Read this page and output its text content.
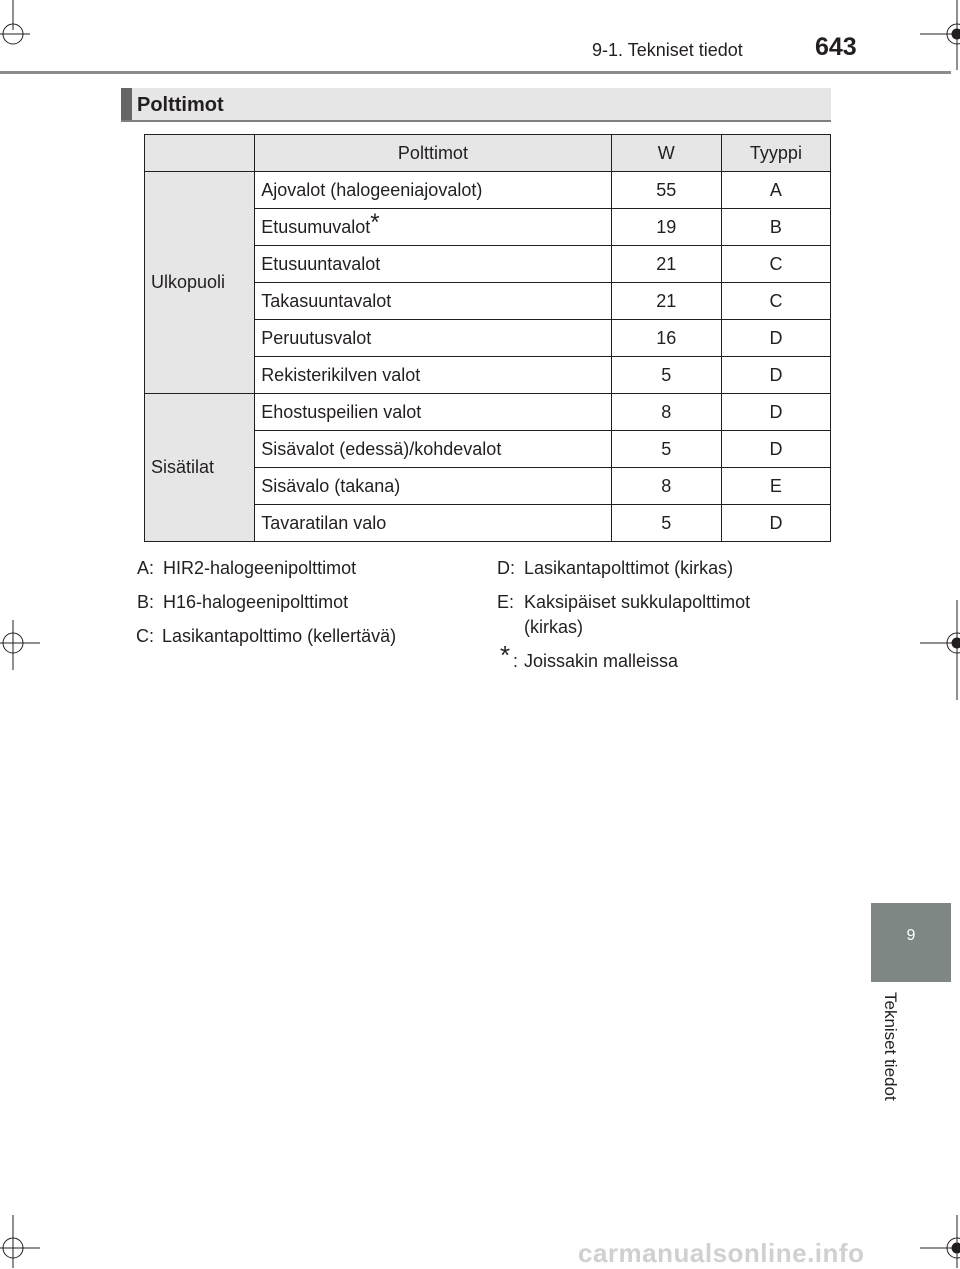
9-1. Tekniset tiedot	643
Polttimot
	Polttimot	W	Tyyppi
Ulkopuoli	Ajovalot (halogeeniajovalot)	55	A
	Etusumuvalot*	19	B
	Etusuuntavalot	21	C
	Takasuuntavalot	21	C
	Peruutusvalot	16	D
	Rekisterikilven valot	5	D
Sisätilat	Ehostuspeilien valot	8	D
	Sisävalot (edessä)/kohdevalot	5	D
	Sisävalo (takana)	8	E
	Tavaratilan valo	5	D
A: HIR2-halogeenipolttimot
B: H16-halogeenipolttimot
C: Lasikantapolttimo (kellertävä)
D: Lasikantapolttimot (kirkas)
E: Kaksipäiset sukkulapolttimot
(kirkas)
* : Joissakin malleissa
9
Tekniset tiedot
carmanualsonline.info
